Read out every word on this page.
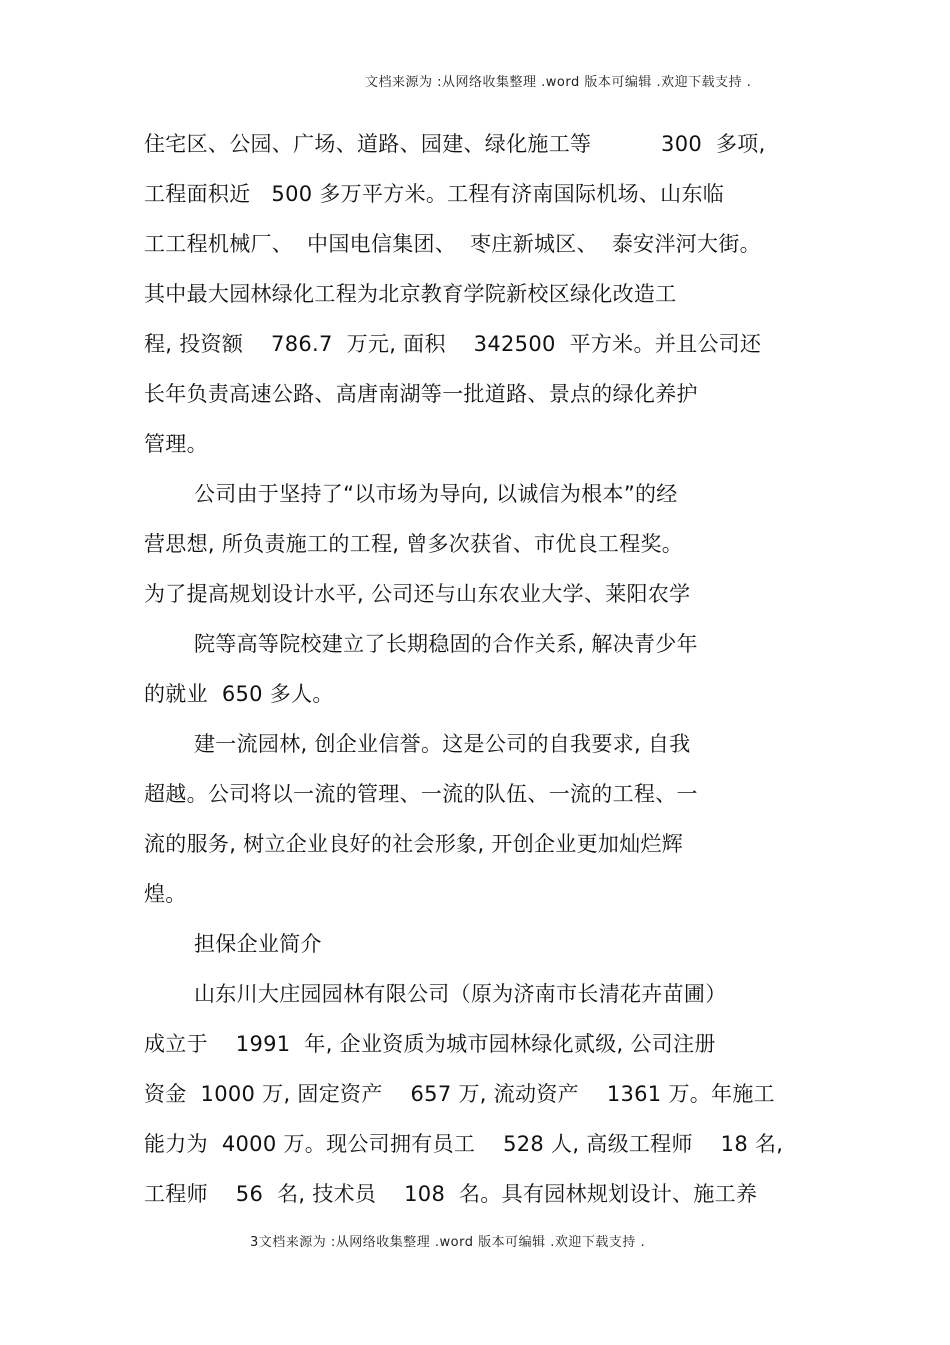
文档来源为 :从网络收集整理 .word 版本可编辑 .欢迎下载支持 .
住宅区、公园、广场、道路、园建、绿化施工等          300  多项,
工程面积近   500 多万平方米。工程有济南国际机场、山东临
工工程机械厂、  中国电信集团、  枣庄新城区、  泰安泮河大街。
其中最大园林绿化工程为北京教育学院新校区绿化改造工
程, 投资额    786.7  万元, 面积    342500  平方米。并且公司还
长年负责高速公路、高唐南湖等一批道路、景点的绿化养护
管理。
公司由于坚持了“以市场为导向, 以诚信为根本”的经
营思想, 所负责施工的工程, 曾多次获省、市优良工程奖。
为了提高规划设计水平, 公司还与山东农业大学、莱阳农学
院等高等院校建立了长期稳固的合作关系, 解决青少年
的就业  650 多人。
建一流园林, 创企业信誉。这是公司的自我要求, 自我
超越。公司将以一流的管理、一流的队伍、一流的工程、一
流的服务, 树立企业良好的社会形象, 开创企业更加灿烂辉
煌。
担保企业简介
山东川大庄园园林有限公司（原为济南市长清花卉苗圃）
成立于    1991  年, 企业资质为城市园林绿化贰级, 公司注册
资金  1000 万, 固定资产    657 万, 流动资产    1361 万。年施工
能力为  4000 万。现公司拥有员工    528 人, 高级工程师    18 名,
工程师    56  名, 技术员    108  名。具有园林规划设计、施工养
3文档来源为 :从网络收集整理 .word 版本可编辑 .欢迎下载支持 .
